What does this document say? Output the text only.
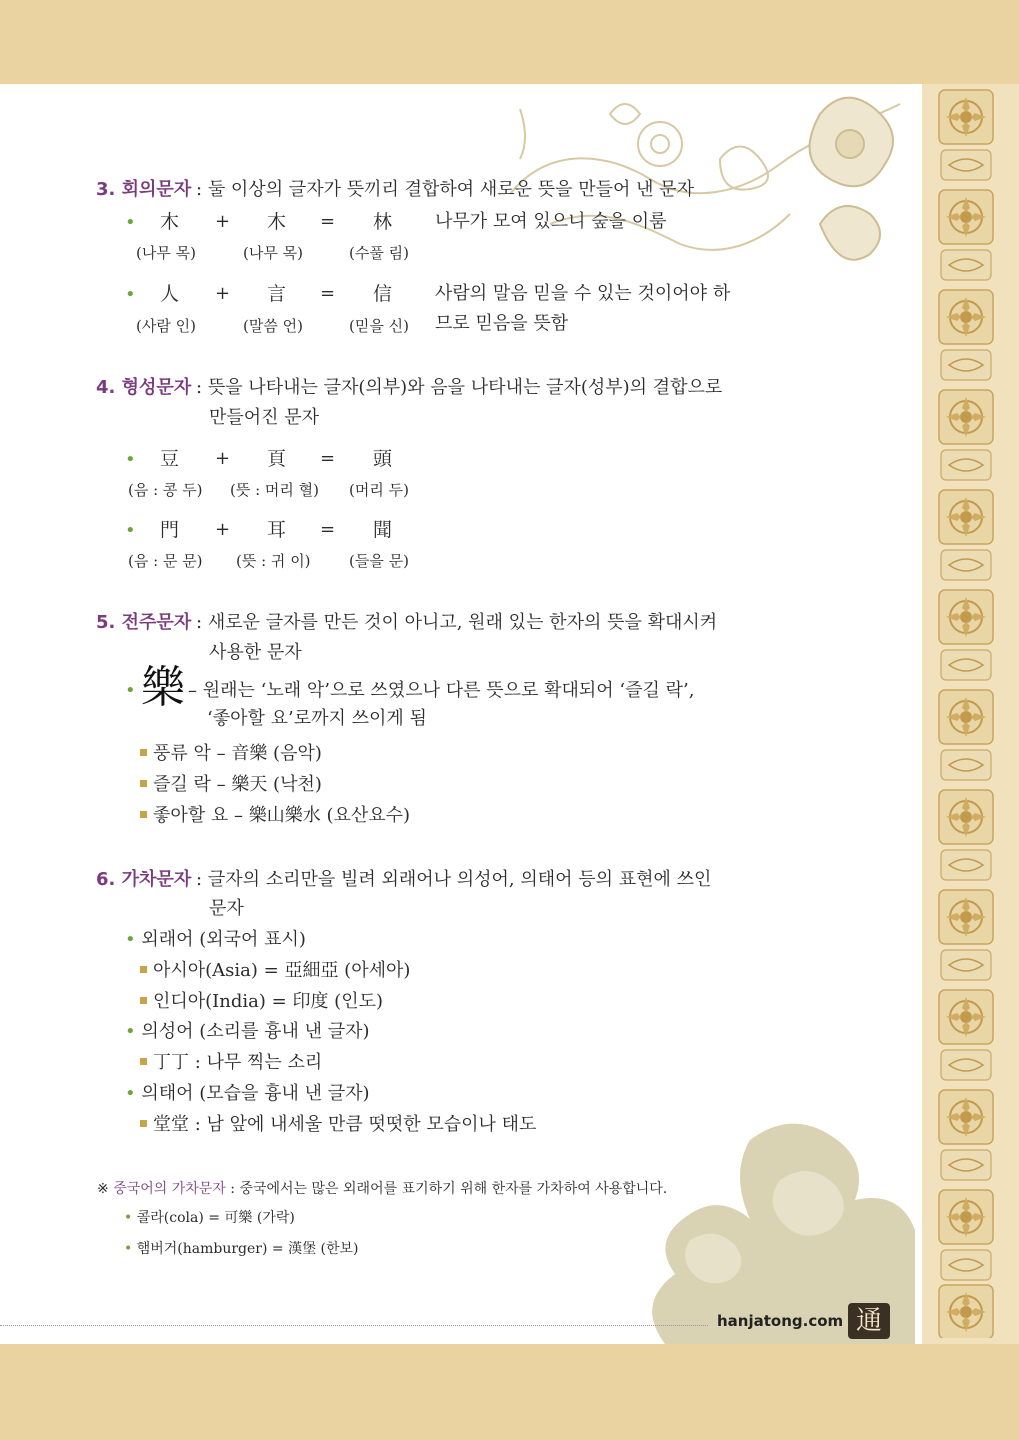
3. 회의문자 : 둘 이상의 글자가 뜻끼리 결합하여 새로운 뜻을 만들어 낸 문자
• 木 + 木 = 林 나무가 모여 있으니 숲을 이룸
(나무 목)	(나무 목)	(수풀 림)
• 人 + 言 = 信 사람의 말음 믿을 수 있는 것이어야 하
(사람 인)	(말씀 언)	(믿을 신) 므로 믿음을 뜻함
4. 형성문자 : 뜻을 나타내는 글자(의부)와 음을 나타내는 글자(성부)의 결합으로
만들어진 문자
• 豆 + 頁 = 頭
(음 : 콩 두) (뜻 : 머리 혈) (머리 두)
• 門 + 耳 = 聞
(음 : 문 문) (뜻 : 귀 이)	(들을 문)
5. 전주문자 : 새로운 글자를 만든 것이 아니고, 원래 있는 한자의 뜻을 확대시켜
사용한 문자
• 樂 – 원래는 ‘노래 악’으로 쓰였으나 다른 뜻으로 확대되어 ‘즐길 락’,
‘좋아할 요’로까지 쓰이게 됨
풍류 악 – 音樂 (음악)
즐길 락 – 樂天 (낙천)
좋아할 요 – 樂山樂水 (요산요수)
6. 가차문자 : 글자의 소리만을 빌려 외래어나 의성어, 의태어 등의 표현에 쓰인
문자
• 외래어 (외국어 표시)
아시아(Asia) = 亞細亞 (아세아)
인디아(India) = 印度 (인도)
• 의성어 (소리를 흉내 낸 글자)
丁丁 : 나무 찍는 소리
• 의태어 (모습을 흉내 낸 글자)
堂堂 : 남 앞에 내세울 만큼 떳떳한 모습이나 태도
※ 중국어의 가차문자 : 중국에서는 많은 외래어를 표기하기 위해 한자를 가차하여 사용합니다.
• 콜라(cola) = 可樂 (가락)
• 햄버거(hamburger) = 漢堡 (한보)
hanjatong.com 通
